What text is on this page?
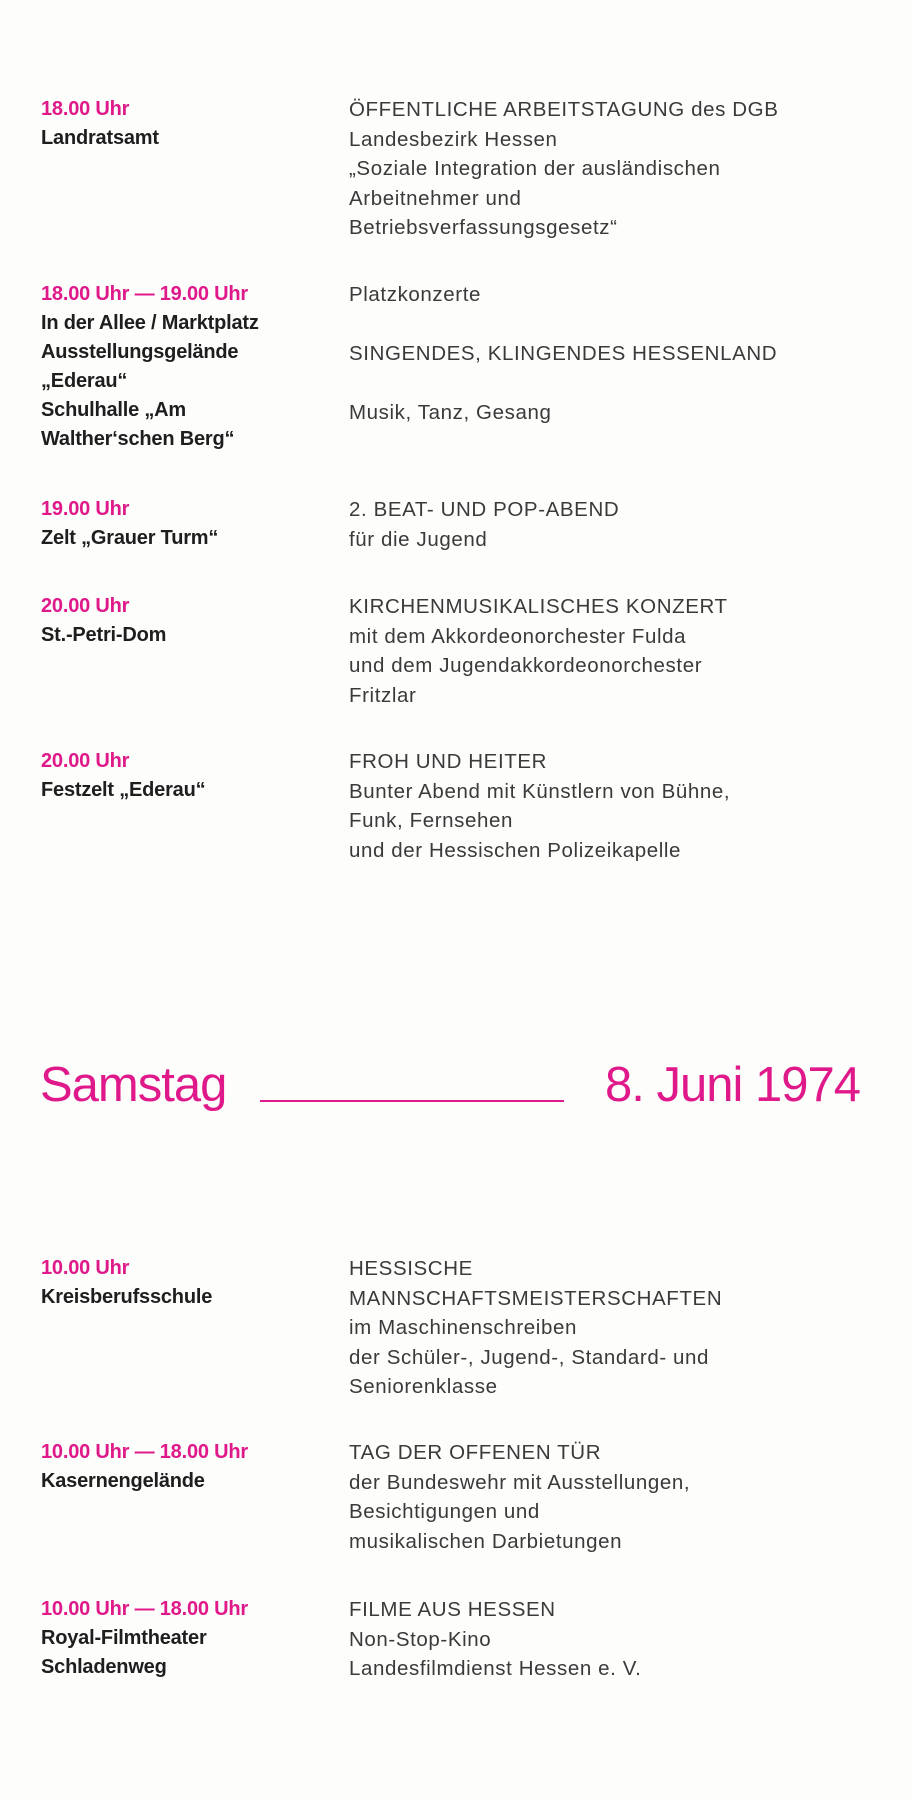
18.00 Uhr
Landratsamt
ÖFFENTLICHE ARBEITSTAGUNG des DGB
Landesbezirk Hessen
„Soziale Integration der ausländischen
Arbeitnehmer und
Betriebsverfassungsgesetz“
18.00 Uhr — 19.00 Uhr
In der Allee / Marktplatz
Ausstellungsgelände
„Ederau“
Schulhalle „Am
Walther‘schen Berg“
Platzkonzerte
SINGENDES, KLINGENDES HESSENLAND
Musik, Tanz, Gesang
19.00 Uhr
Zelt „Grauer Turm“
2. BEAT- UND POP-ABEND
für die Jugend
20.00 Uhr
St.-Petri-Dom
KIRCHENMUSIKALISCHES KONZERT
mit dem Akkordeonorchester Fulda
und dem Jugendakkordeonorchester
Fritzlar
20.00 Uhr
Festzelt „Ederau“
FROH UND HEITER
Bunter Abend mit Künstlern von Bühne,
Funk, Fernsehen
und der Hessischen Polizeikapelle
Samstag	8. Juni 1974
10.00 Uhr
Kreisberufsschule
HESSISCHE
MANNSCHAFTSMEISTERSCHAFTEN
im Maschinenschreiben
der Schüler-, Jugend-, Standard- und
Seniorenklasse
10.00 Uhr — 18.00 Uhr
Kasernengelände
TAG DER OFFENEN TÜR
der Bundeswehr mit Ausstellungen,
Besichtigungen und
musikalischen Darbietungen
10.00 Uhr — 18.00 Uhr
Royal-Filmtheater
Schladenweg
FILME AUS HESSEN
Non-Stop-Kino
Landesfilmdienst Hessen e. V.
